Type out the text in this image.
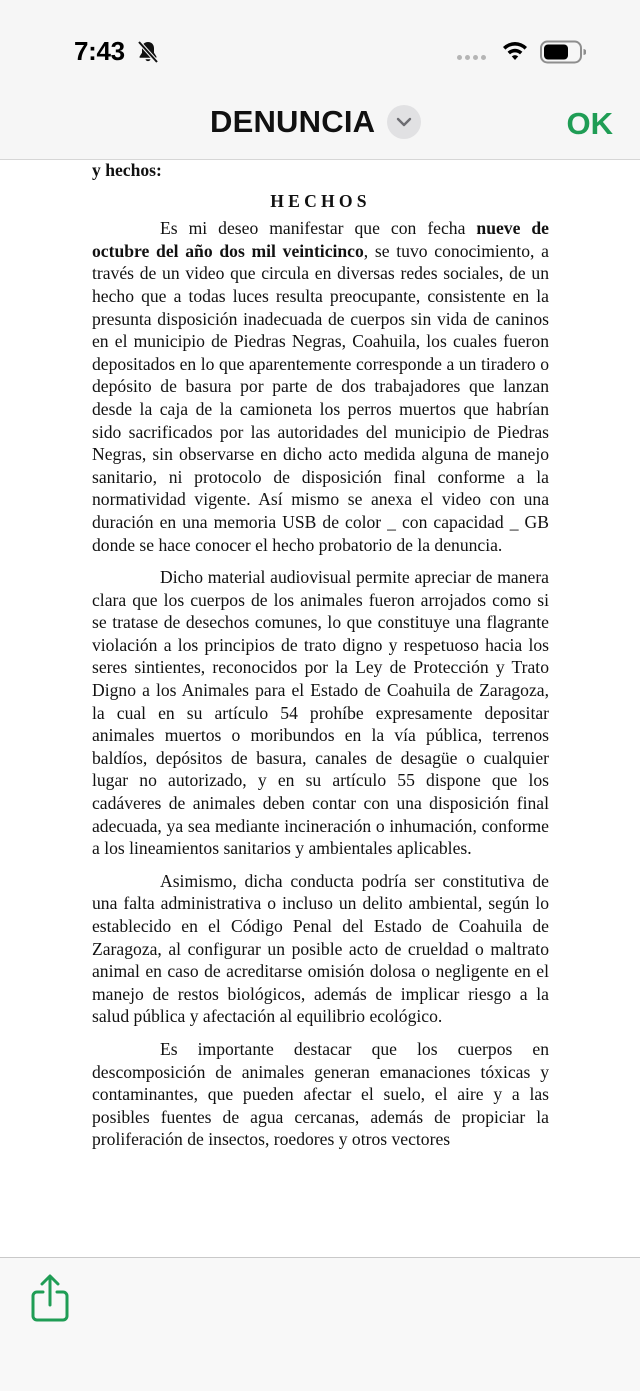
7:43
DENUNCIA	OK
y hechos:
HECHOS

Es mi deseo manifestar que con fecha nueve de octubre del año dos mil veinticinco, se tuvo conocimiento, a través de un video que circula en diversas redes sociales, de un hecho que a todas luces resulta preocupante, consistente en la presunta disposición inadecuada de cuerpos sin vida de caninos en el municipio de Piedras Negras, Coahuila, los cuales fueron depositados en lo que aparentemente corresponde a un tiradero o depósito de basura por parte de dos trabajadores que lanzan desde la caja de la camioneta los perros muertos que habrían sido sacrificados por las autoridades del municipio de Piedras Negras, sin observarse en dicho acto medida alguna de manejo sanitario, ni protocolo de disposición final conforme a la normatividad vigente. Así mismo se anexa el video con una duración en una memoria USB de color _ con capacidad _ GB donde se hace conocer el hecho probatorio de la denuncia.

Dicho material audiovisual permite apreciar de manera clara que los cuerpos de los animales fueron arrojados como si se tratase de desechos comunes, lo que constituye una flagrante violación a los principios de trato digno y respetuoso hacia los seres sintientes, reconocidos por la Ley de Protección y Trato Digno a los Animales para el Estado de Coahuila de Zaragoza, la cual en su artículo 54 prohíbe expresamente depositar animales muertos o moribundos en la vía pública, terrenos baldíos, depósitos de basura, canales de desagüe o cualquier lugar no autorizado, y en su artículo 55 dispone que los cadáveres de animales deben contar con una disposición final adecuada, ya sea mediante incineración o inhumación, conforme a los lineamientos sanitarios y ambientales aplicables.

Asimismo, dicha conducta podría ser constitutiva de una falta administrativa o incluso un delito ambiental, según lo establecido en el Código Penal del Estado de Coahuila de Zaragoza, al configurar un posible acto de crueldad o maltrato animal en caso de acreditarse omisión dolosa o negligente en el manejo de restos biológicos, además de implicar riesgo a la salud pública y afectación al equilibrio ecológico.

Es importante destacar que los cuerpos en descomposición de animales generan emanaciones tóxicas y contaminantes, que pueden afectar el suelo, el aire y a las posibles fuentes de agua cercanas, además de propiciar la proliferación de insectos, roedores y otros vectores
